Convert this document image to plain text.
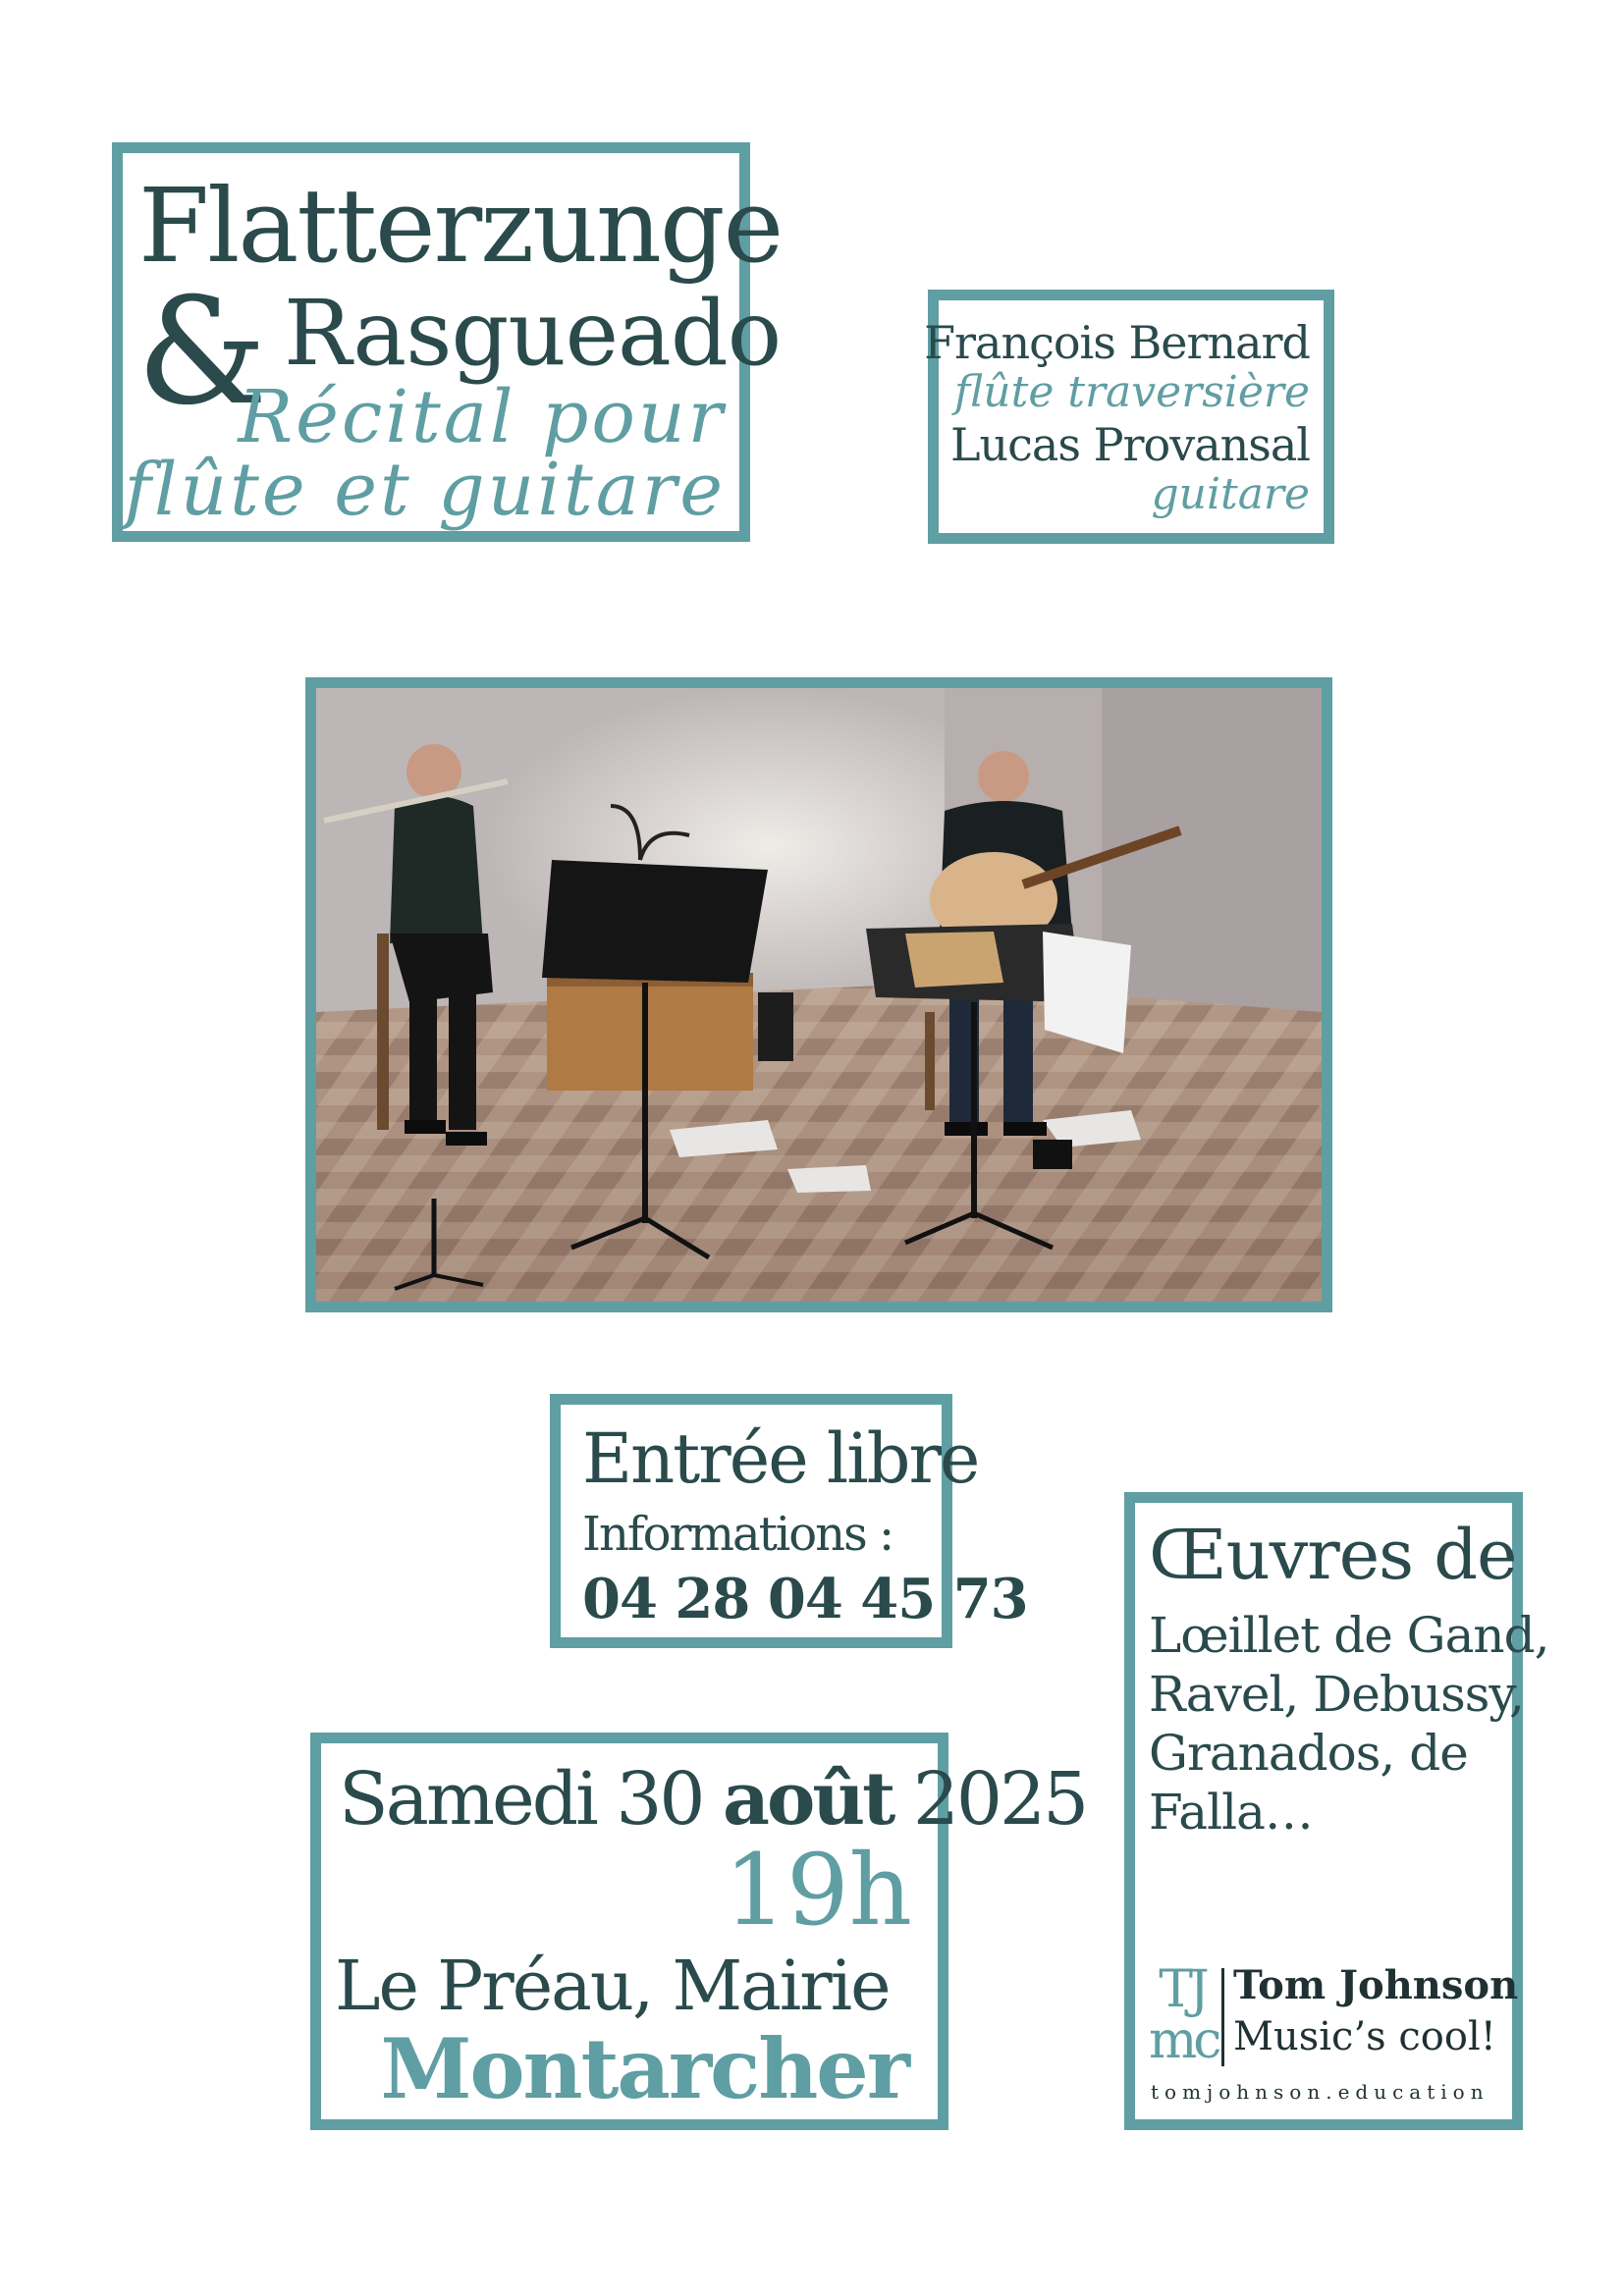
Flatterzunge
& Rasgueado
Récital pour
flûte et guitare
François Bernard
flûte traversière
Lucas Provansal
guitare
Entrée libre
Informations :
04 28 04 45 73
Œuvres de
Lœillet de Gand,
Ravel, Debussy,
Granados, de
Falla…
TJ
mc
Tom Johnson
Music’s cool!
tomjohnson.education
Samedi 30 août 2025
19h
Le Préau, Mairie
Montarcher
